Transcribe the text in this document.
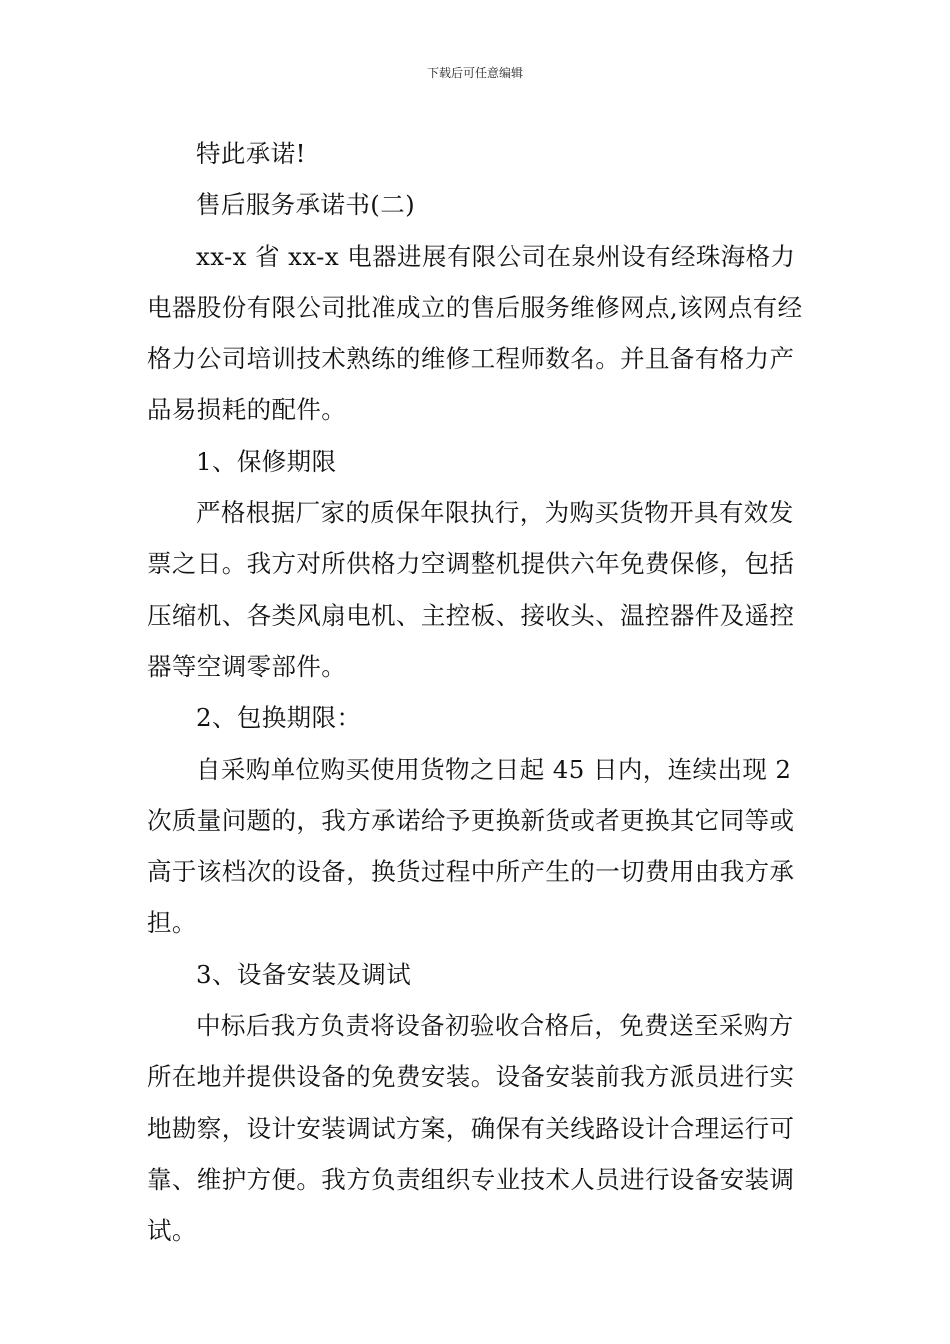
下载后可任意编辑

特此承诺!

售后服务承诺书(二)

xx-x 省 xx-x 电器进展有限公司在泉州设有经珠海格力电器股份有限公司批准成立的售后服务维修网点,该网点有经格力公司培训技术熟练的维修工程师数名。并且备有格力产品易损耗的配件。

1、保修期限

严格根据厂家的质保年限执行，为购买货物开具有效发票之日。我方对所供格力空调整机提供六年免费保修，包括压缩机、各类风扇电机、主控板、接收头、温控器件及遥控器等空调零部件。

2、包换期限：

自采购单位购买使用货物之日起 45 日内，连续出现 2 次质量问题的，我方承诺给予更换新货或者更换其它同等或高于该档次的设备，换货过程中所产生的一切费用由我方承担。

3、设备安装及调试

中标后我方负责将设备初验收合格后，免费送至采购方所在地并提供设备的免费安装。设备安装前我方派员进行实地勘察，设计安装调试方案，确保有关线路设计合理运行可靠、维护方便。我方负责组织专业技术人员进行设备安装调试。
